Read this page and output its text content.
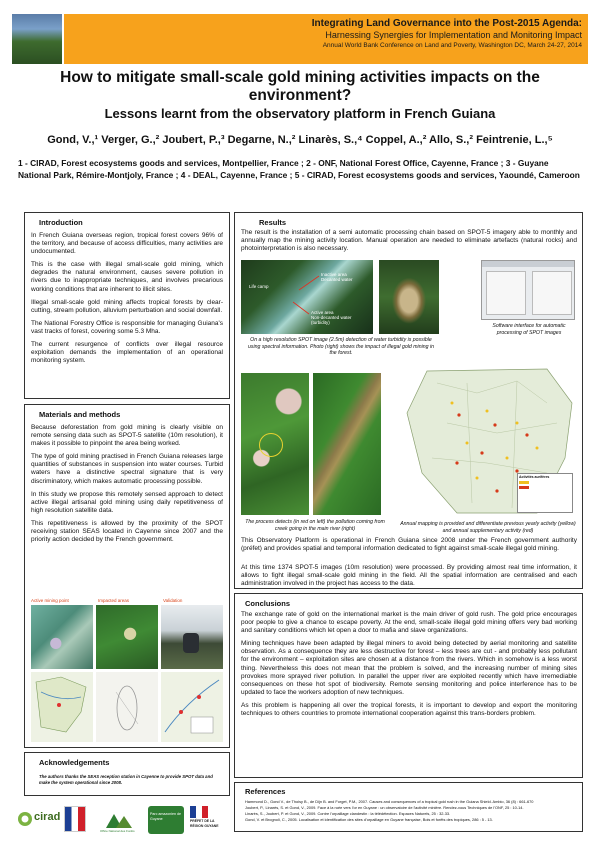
Integrating Land Governance into the Post-2015 Agenda:
Harnessing Synergies for Implementation and Monitoring Impact
Annual World Bank Conference on Land and Poverty, Washington DC, March 24-27, 2014
How to mitigate small-scale gold mining activities impacts on the environment?
Lessons learnt from the observatory platform in French Guiana
Gond, V.,¹ Verger, G.,² Joubert, P.,³ Degarne, N.,² Linarès, S.,⁴ Coppel, A.,² Allo, S.,² Feintrenie, L.,⁵
1 - CIRAD, Forest ecosystems goods and services, Montpellier, France ; 2 - ONF, National Forest Office, Cayenne, France ; 3 - Guyane National Park, Rémire-Montjoly, France ; 4 - DEAL, Cayenne, France ; 5 - CIRAD, Forest ecosystems goods and services, Yaoundé, Cameroon
Introduction

In French Guiana overseas region, tropical forest covers 96% of the territory, and because of access difficulties, many activities are undocumented.

This is the case with illegal small-scale gold mining, which degrades the natural environment, causes severe pollution in rivers due to inappropriate techniques, and involves precarious working conditions that are inherent to illicit sites.

Illegal small-scale gold mining affects tropical forests by clear-cutting, stream pollution, alluvium perturbation and social downfall.

The National Forestry Office is responsible for managing Guiana's vast tracks of forest, covering some 5.3 Mha.

The current resurgence of conflicts over illegal resource exploitation demands the implementation of an operational monitoring system.

Materials and methods

Because deforestation from gold mining is clearly visible on remote sensing data such as SPOT-5 satellite (10m resolution), it makes it possible to pinpoint the area being worked.

The type of gold mining practised in French Guiana releases large quantities of substances in suspension into water courses. Turbid waters have a distinctive spectral signature that is very discriminatory, which makes automatic processing possible.

In this study we propose this remotely sensed approach to detect active illegal artisanal gold mining using daily repetitiveness of high resolution satellite data.

This repetitiveness is allowed by the proximity of the SPOT receiving station SEAS located in Cayenne since 2007 and the priority action decided by the French government.

Active mining point	Impacted areas	Validation
Acknowledgements
The authors thanks the SEAS reception station in Cayenne to provide SPOT data and make the system operational since 2008.
Results
The result is the installation of a semi automatic processing chain based on SPOT-5 imagery able to monthly and annually map the mining activity location. Manual operation are needed to eliminate artefacts (natural rocks) and photointerpretation is also necessary.
Life camp
Inactive area
Decanted water
Active area
Non-decanted water (turbidity)
On a high resolution SPOT image (2.5m) detection of water turbidity is possible using spectral information. Photo (right) shows the impact of illegal gold mining in the forest.
Software interface for automatic processing of SPOT images
The process detects (in red on left) the pollution coming from creek going in the main river (right)
Activités aurifères
Annual mapping is provided and differentiate previous yearly activity (yellow) and annual supplementary activity (red)
This Observatory Platform is operational in French Guiana since 2008 under the French government authority (préfet) and provides spatial and temporal information dedicated to fight against small-scale illegal gold mining.
At this time 1374 SPOT-5 images (10m resolution) were processed. By providing almost real time information, it allows to fight illegal small-scale gold mining in the field. All the spatial information are centralised and each administration involved in the project has access to the data.
Conclusions

The exchange rate of gold on the international market is the main driver of gold rush. The gold price encourages poor people to give a chance to escape poverty. At the end, small-scale illegal gold mining offers very bad working and sanitary conditions which let open a door to mafia and slave organizations.

Mining techniques have been adapted by illegal miners to avoid being detected by aerial monitoring and satellite observation. As a consequence they are less destructive for forest – less trees are cut - and probably less pollutant for the environment – exploitation sites are chosen at a distance from the rivers. Which in somehow is a less worst thing. Nevertheless this does not mean that the problem is solved, and the increasing number of mining sites provokes more sprayed river pollution. In parallel the upper river are exploited recently which have irremediable consequences on these hot spot of biodiversity. Remote sensing monitoring and police interference has to be updated to face the workers adoption of new techniques.

As this problem is happening all over the tropical forests, it is important to develop and export the monitoring techniques to others countries to promote international cooperation against this trans-borders problem.

References
Hammond D., Gond V., de Thoisy B., de Dijn B. and Forget, P.M., 2007. Causes and consequences of a tropical gold rush in the Guiana Shield. Ambio, 36 (8) : 661-670
Joubert, P., Linarès, S. et Gond, V., 2009. Face à la ruée vers l'or en Guyane : un observatoire de l'activité minière. Rendez-vous Techniques de l'ONF, 25 : 10-14.
Linarès, S., Joubert, P. et Gond, V., 2009. Contre l'orpaillage clandestin : la télédétection. Espaces Naturels, 25 : 32-33.
Gond, V. et Brognoli, C., 2005. Localisation et identification des sites d'orpaillage en Guyane française, Bois et forêts des tropiques, 286 : 5 - 13.
cirad
Office National des Forêts
Parc amazonien de Guyane	PRÉFET DE LA RÉGION GUYANE
